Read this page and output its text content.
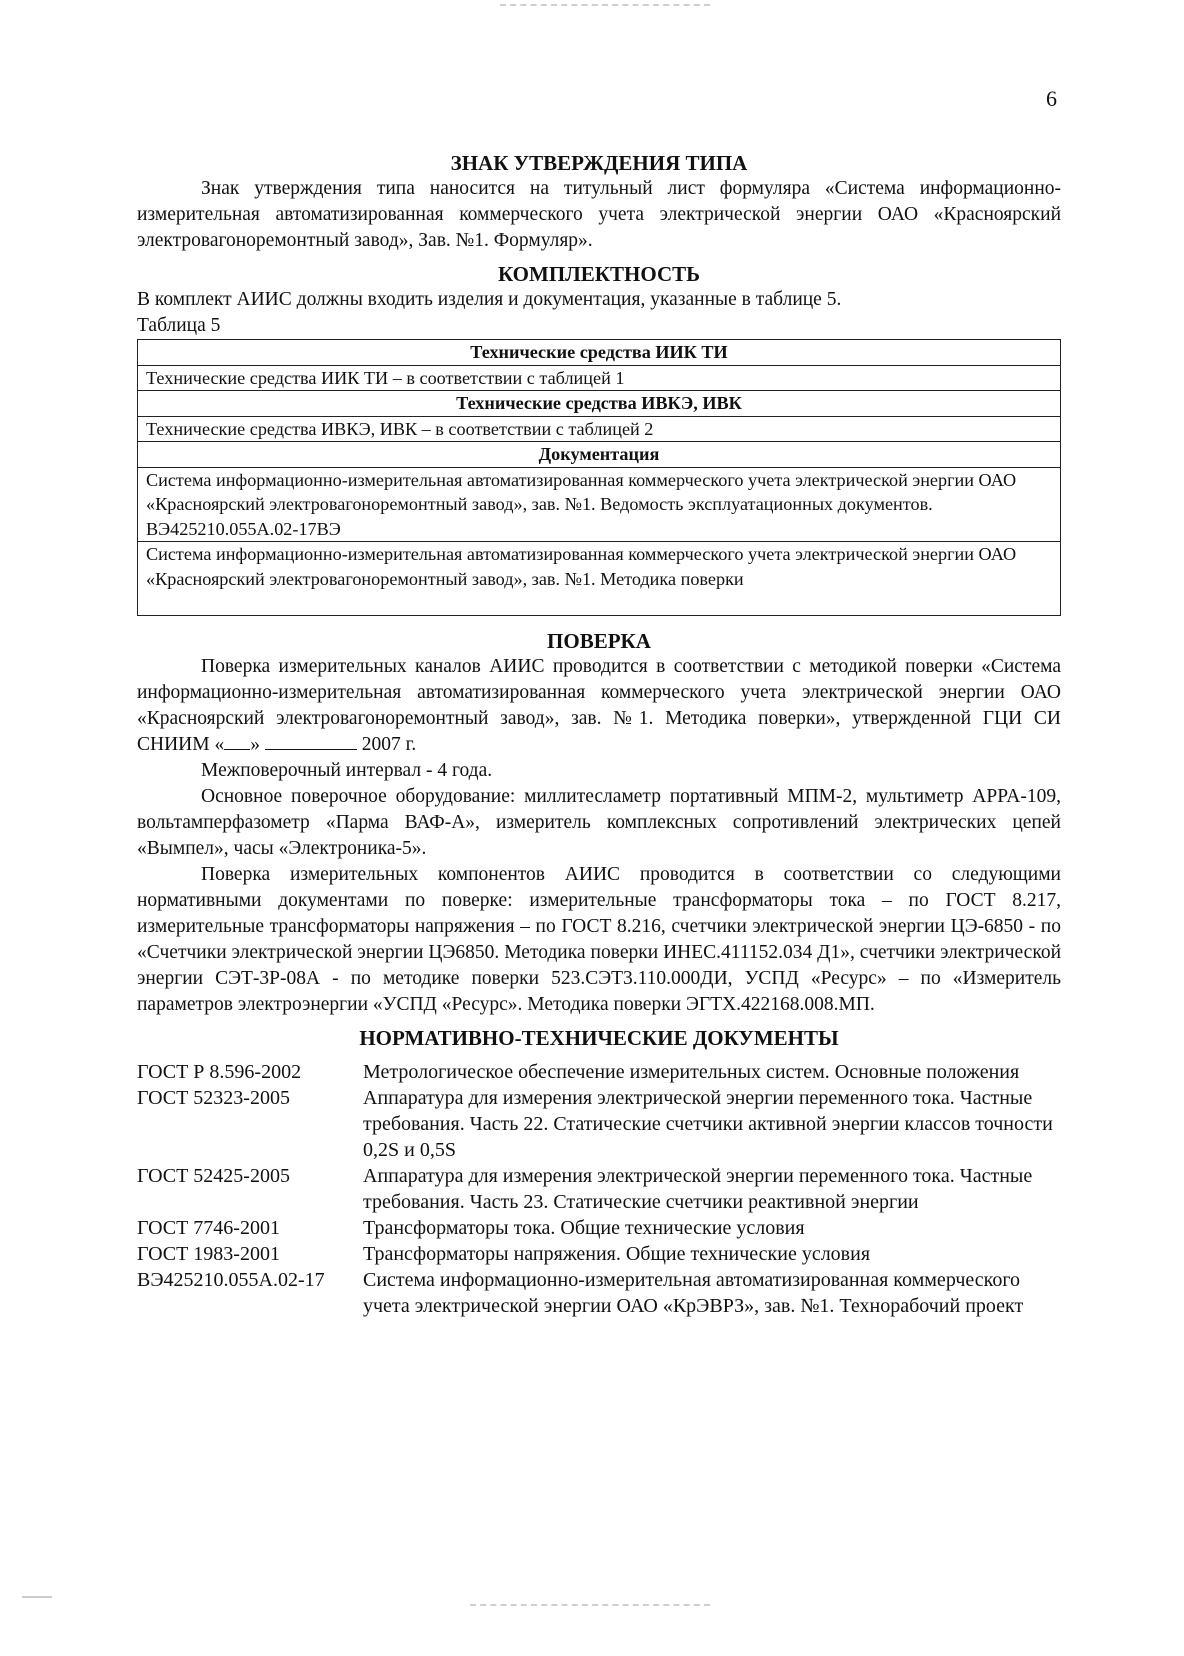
6
ЗНАК УТВЕРЖДЕНИЯ ТИПА

Знак утверждения типа наносится на титульный лист формуляра «Система информационно-измерительная автоматизированная коммерческого учета электрической энергии ОАО «Красноярский электровагоноремонтный завод», Зав. №1. Формуляр».

КОМПЛЕКТНОСТЬ

В комплект АИИС должны входить изделия и документация, указанные в таблице 5.

Таблица 5

Технические средства ИИК ТИ
Технические средства ИИК ТИ – в соответствии с таблицей 1
Технические средства ИВКЭ, ИВК
Технические средства ИВКЭ, ИВК – в соответствии с таблицей 2
Документация
Система информационно-измерительная автоматизированная коммерческого учета электрической энергии ОАО «Красноярский электровагоноремонтный завод», зав. №1. Ведомость эксплуатационных документов. ВЭ425210.055А.02-17ВЭ
Система информационно-измерительная автоматизированная коммерческого учета электрической энергии ОАО «Красноярский электровагоноремонтный завод», зав. №1. Методика поверки
ПОВЕРКА

Поверка измерительных каналов АИИС проводится в соответствии с методикой поверки «Система информационно-измерительная автоматизированная коммерческого учета электрической энергии ОАО «Красноярский электровагоноремонтный завод», зав. №1. Методика поверки», утвержденной ГЦИ СИ СНИИМ « »	2007 г.

Межповерочный интервал - 4 года.

Основное поверочное оборудование: миллитесламетр портативный МПМ-2, мультиметр APPA-109, вольтамперфазометр «Парма ВАФ-А», измеритель комплексных сопротивлений электрических цепей «Вымпел», часы «Электроника-5».

Поверка измерительных компонентов АИИС проводится в соответствии со следующими нормативными документами по поверке: измерительные трансформаторы тока – по ГОСТ 8.217, измерительные трансформаторы напряжения – по ГОСТ 8.216, счетчики электрической энергии ЦЭ-6850 - по «Счетчики электрической энергии ЦЭ6850. Методика поверки ИНЕС.411152.034 Д1», счетчики электрической энергии СЭТ-3Р-08А - по методике поверки 523.СЭТ3.110.000ДИ, УСПД «Ресурс» – по «Измеритель параметров электроэнергии «УСПД «Ресурс». Методика поверки ЭГТХ.422168.008.МП.

НОРМАТИВНО-ТЕХНИЧЕСКИЕ ДОКУМЕНТЫ
ГОСТ Р 8.596-2002	Метрологическое обеспечение измерительных систем. Основные положения
ГОСТ 52323-2005	Аппаратура для измерения электрической энергии переменного тока. Частные требования. Часть 22. Статические счетчики активной энергии классов точности 0,2S и 0,5S
ГОСТ 52425-2005	Аппаратура для измерения электрической энергии переменного тока. Частные требования. Часть 23. Статические счетчики реактивной энергии
ГОСТ 7746-2001	Трансформаторы тока. Общие технические условия
ГОСТ 1983-2001	Трансформаторы напряжения. Общие технические условия
ВЭ425210.055А.02-17	Система информационно-измерительная автоматизированная коммерческого учета электрической энергии ОАО «КрЭВРЗ», зав. №1. Технорабочий проект
